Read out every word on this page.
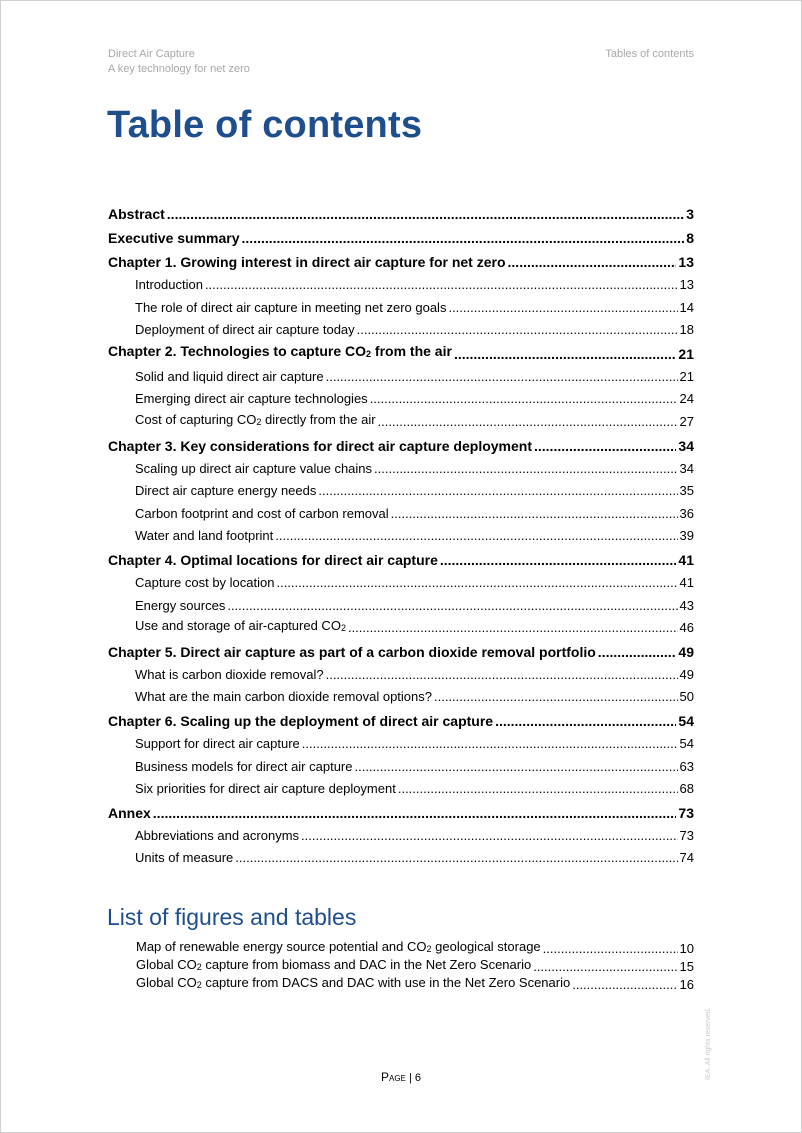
Direct Air Capture
A key technology for net zero
Tables of contents
Table of contents
Abstract .....	3
Executive summary .....	8
Chapter 1. Growing interest in direct air capture for net zero .....	13
Introduction .....	13
The role of direct air capture in meeting net zero goals .....	14
Deployment of direct air capture today .....	18
Chapter 2. Technologies to capture $CO_2$ from the air .....	21
Solid and liquid direct air capture .....	21
Emerging direct air capture technologies .....	24
Cost of capturing $CO_2$ directly from the air .....	27
Chapter 3. Key considerations for direct air capture deployment .....	34
Scaling up direct air capture value chains .....	34
Direct air capture energy needs .....	35
Carbon footprint and cost of carbon removal .....	36
Water and land footprint .....	39
Chapter 4. Optimal locations for direct air capture .....	41
Capture cost by location .....	41
Energy sources .....	43
Use and storage of air-captured $CO_2$ .....	46
Chapter 5. Direct air capture as part of a carbon dioxide removal portfolio .....	49
What is carbon dioxide removal? .....	49
What are the main carbon dioxide removal options? .....	50
Chapter 6. Scaling up the deployment of direct air capture .....	54
Support for direct air capture .....	54
Business models for direct air capture .....	63
Six priorities for direct air capture deployment .....	68
Annex .....	73
Abbreviations and acronyms .....	73
Units of measure .....	74
List of figures and tables
Map of renewable energy source potential and $CO_2$ geological storage .....	10
Global $CO_2$ capture from biomass and DAC in the Net Zero Scenario .....	15
Global $CO_2$ capture from DACS and DAC with use in the Net Zero Scenario .....	16
Page | 6	IEA. All rights reserved.
